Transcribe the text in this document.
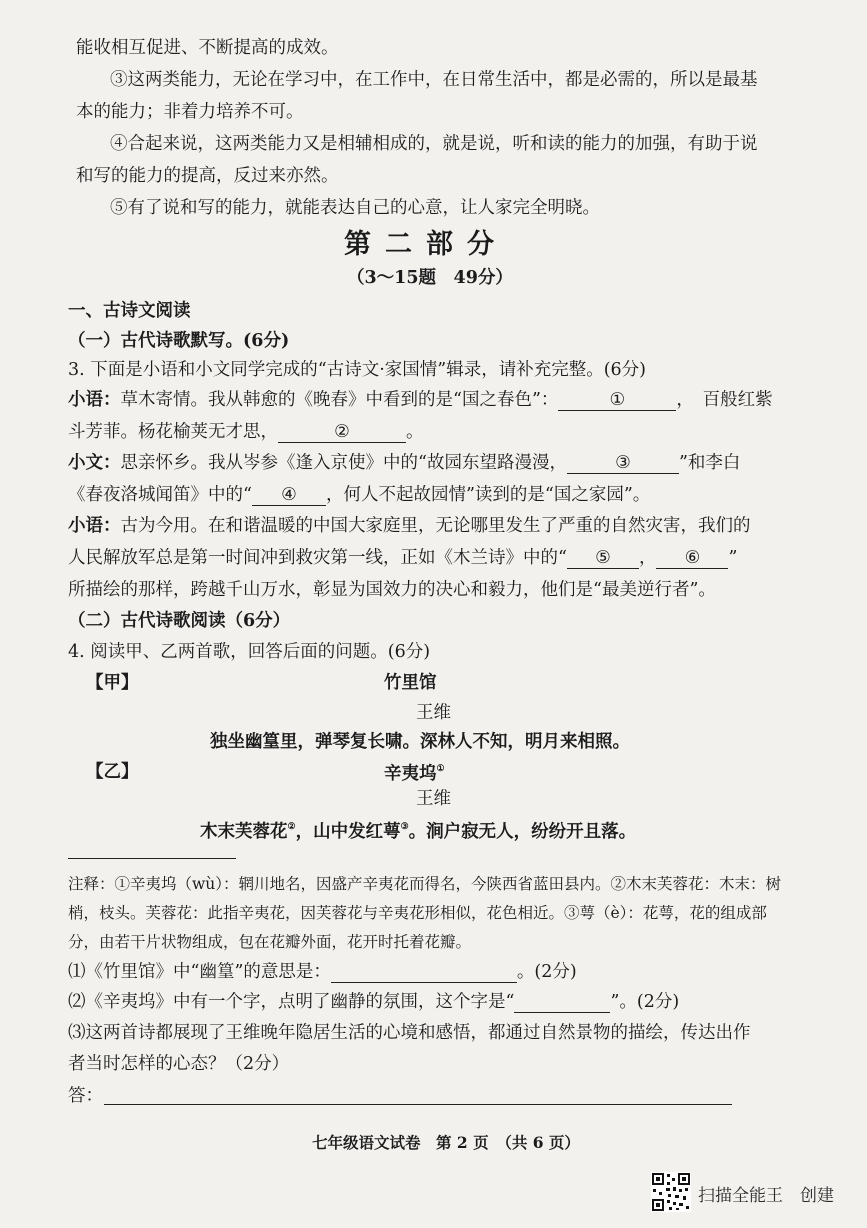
能收相互促进、不断提高的成效。
③这两类能力，无论在学习中，在工作中，在日常生活中，都是必需的，所以是最基
本的能力；非着力培养不可。
④合起来说，这两类能力又是相辅相成的，就是说，听和读的能力的加强，有助于说
和写的能力的提高，反过来亦然。
⑤有了说和写的能力，就能表达自己的心意，让人家完全明晓。
第二部分
（3～15题　49分）
一、古诗文阅读
（一）古代诗歌默写。(6分)
3. 下面是小语和小文同学完成的“古诗文·家国情”辑录，请补充完整。(6分)
小语：草木寄情。我从韩愈的《晚春》中看到的是“国之春色”：	①	，　百般红紫
斗芳菲。杨花榆荚无才思，	②	。
小文：思亲怀乡。我从岑参《逢入京使》中的“故园东望路漫漫，	③	”和李白
《春夜洛城闻笛》中的“ ④ ，何人不起故园情”读到的是“国之家园”。
小语：古为今用。在和谐温暖的中国大家庭里，无论哪里发生了严重的自然灾害，我们的
人民解放军总是第一时间冲到救灾第一线，正如《木兰诗》中的“ ⑤ ， ⑥ ”
所描绘的那样，跨越千山万水，彰显为国效力的决心和毅力，他们是“最美逆行者”。
（二）古代诗歌阅读（6分）
4. 阅读甲、乙两首歌，回答后面的问题。(6分)
【甲】	竹里馆
王维
独坐幽篁里，弹琴复长啸。深林人不知，明月来相照。
【乙】	辛夷坞①
王维
木末芙蓉花②，山中发红萼③。涧户寂无人，纷纷开且落。
注释：①辛夷坞（wù）：辋川地名，因盛产辛夷花而得名，今陕西省蓝田县内。②木末芙蓉花：木末：树
梢，枝头。芙蓉花：此指辛夷花，因芙蓉花与辛夷花形相似，花色相近。③萼（è）：花萼，花的组成部
分，由若干片状物组成，包在花瓣外面，花开时托着花瓣。
⑴《竹里馆》中“幽篁”的意思是：	。(2分)
⑵《辛夷坞》中有一个字，点明了幽静的氛围，这个字是“	”。(2分)
⑶这两首诗都展现了王维晚年隐居生活的心境和感悟，都通过自然景物的描绘，传达出作
者当时怎样的心态？（2分）
答：
七年级语文试卷　第 2 页　（共 6 页）
扫描全能王　创建
